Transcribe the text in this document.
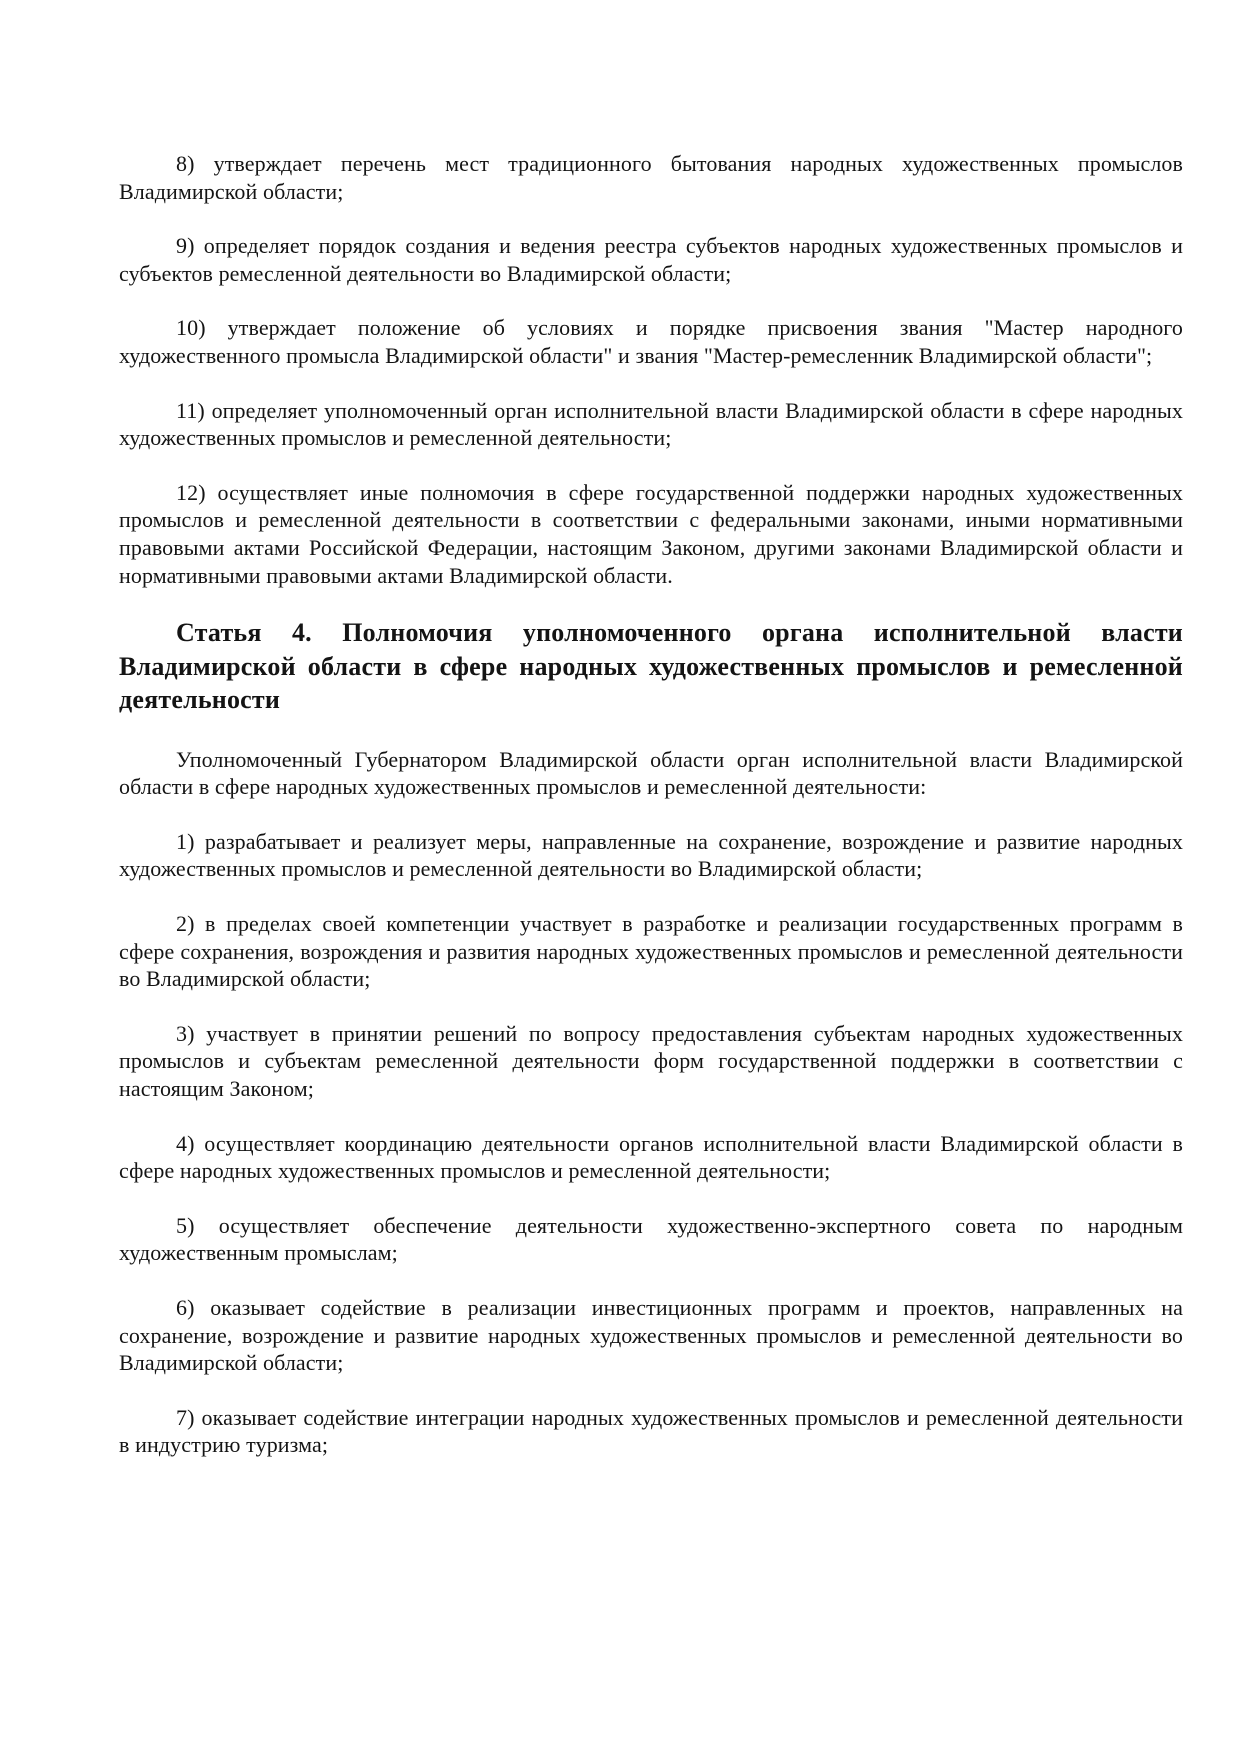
8) утверждает перечень мест традиционного бытования народных художественных промыслов Владимирской области;

9) определяет порядок создания и ведения реестра субъектов народных художественных промыслов и субъектов ремесленной деятельности во Владимирской области;

10) утверждает положение об условиях и порядке присвоения звания "Мастер народного художественного промысла Владимирской области" и звания "Мастер-ремесленник Владимирской области";

11) определяет уполномоченный орган исполнительной власти Владимирской области в сфере народных художественных промыслов и ремесленной деятельности;

12) осуществляет иные полномочия в сфере государственной поддержки народных художественных промыслов и ремесленной деятельности в соответствии с федеральными законами, иными нормативными правовыми актами Российской Федерации, настоящим Законом, другими законами Владимирской области и нормативными правовыми актами Владимирской области.

Статья 4. Полномочия уполномоченного органа исполнительной власти Владимирской области в сфере народных художественных промыслов и ремесленной деятельности

Уполномоченный Губернатором Владимирской области орган исполнительной власти Владимирской области в сфере народных художественных промыслов и ремесленной деятельности:

1) разрабатывает и реализует меры, направленные на сохранение, возрождение и развитие народных художественных промыслов и ремесленной деятельности во Владимирской области;

2) в пределах своей компетенции участвует в разработке и реализации государственных программ в сфере сохранения, возрождения и развития народных художественных промыслов и ремесленной деятельности во Владимирской области;

3) участвует в принятии решений по вопросу предоставления субъектам народных художественных промыслов и субъектам ремесленной деятельности форм государственной поддержки в соответствии с настоящим Законом;

4) осуществляет координацию деятельности органов исполнительной власти Владимирской области в сфере народных художественных промыслов и ремесленной деятельности;

5) осуществляет обеспечение деятельности художественно-экспертного совета по народным художественным промыслам;

6) оказывает содействие в реализации инвестиционных программ и проектов, направленных на сохранение, возрождение и развитие народных художественных промыслов и ремесленной деятельности во Владимирской области;

7) оказывает содействие интеграции народных художественных промыслов и ремесленной деятельности в индустрию туризма;
